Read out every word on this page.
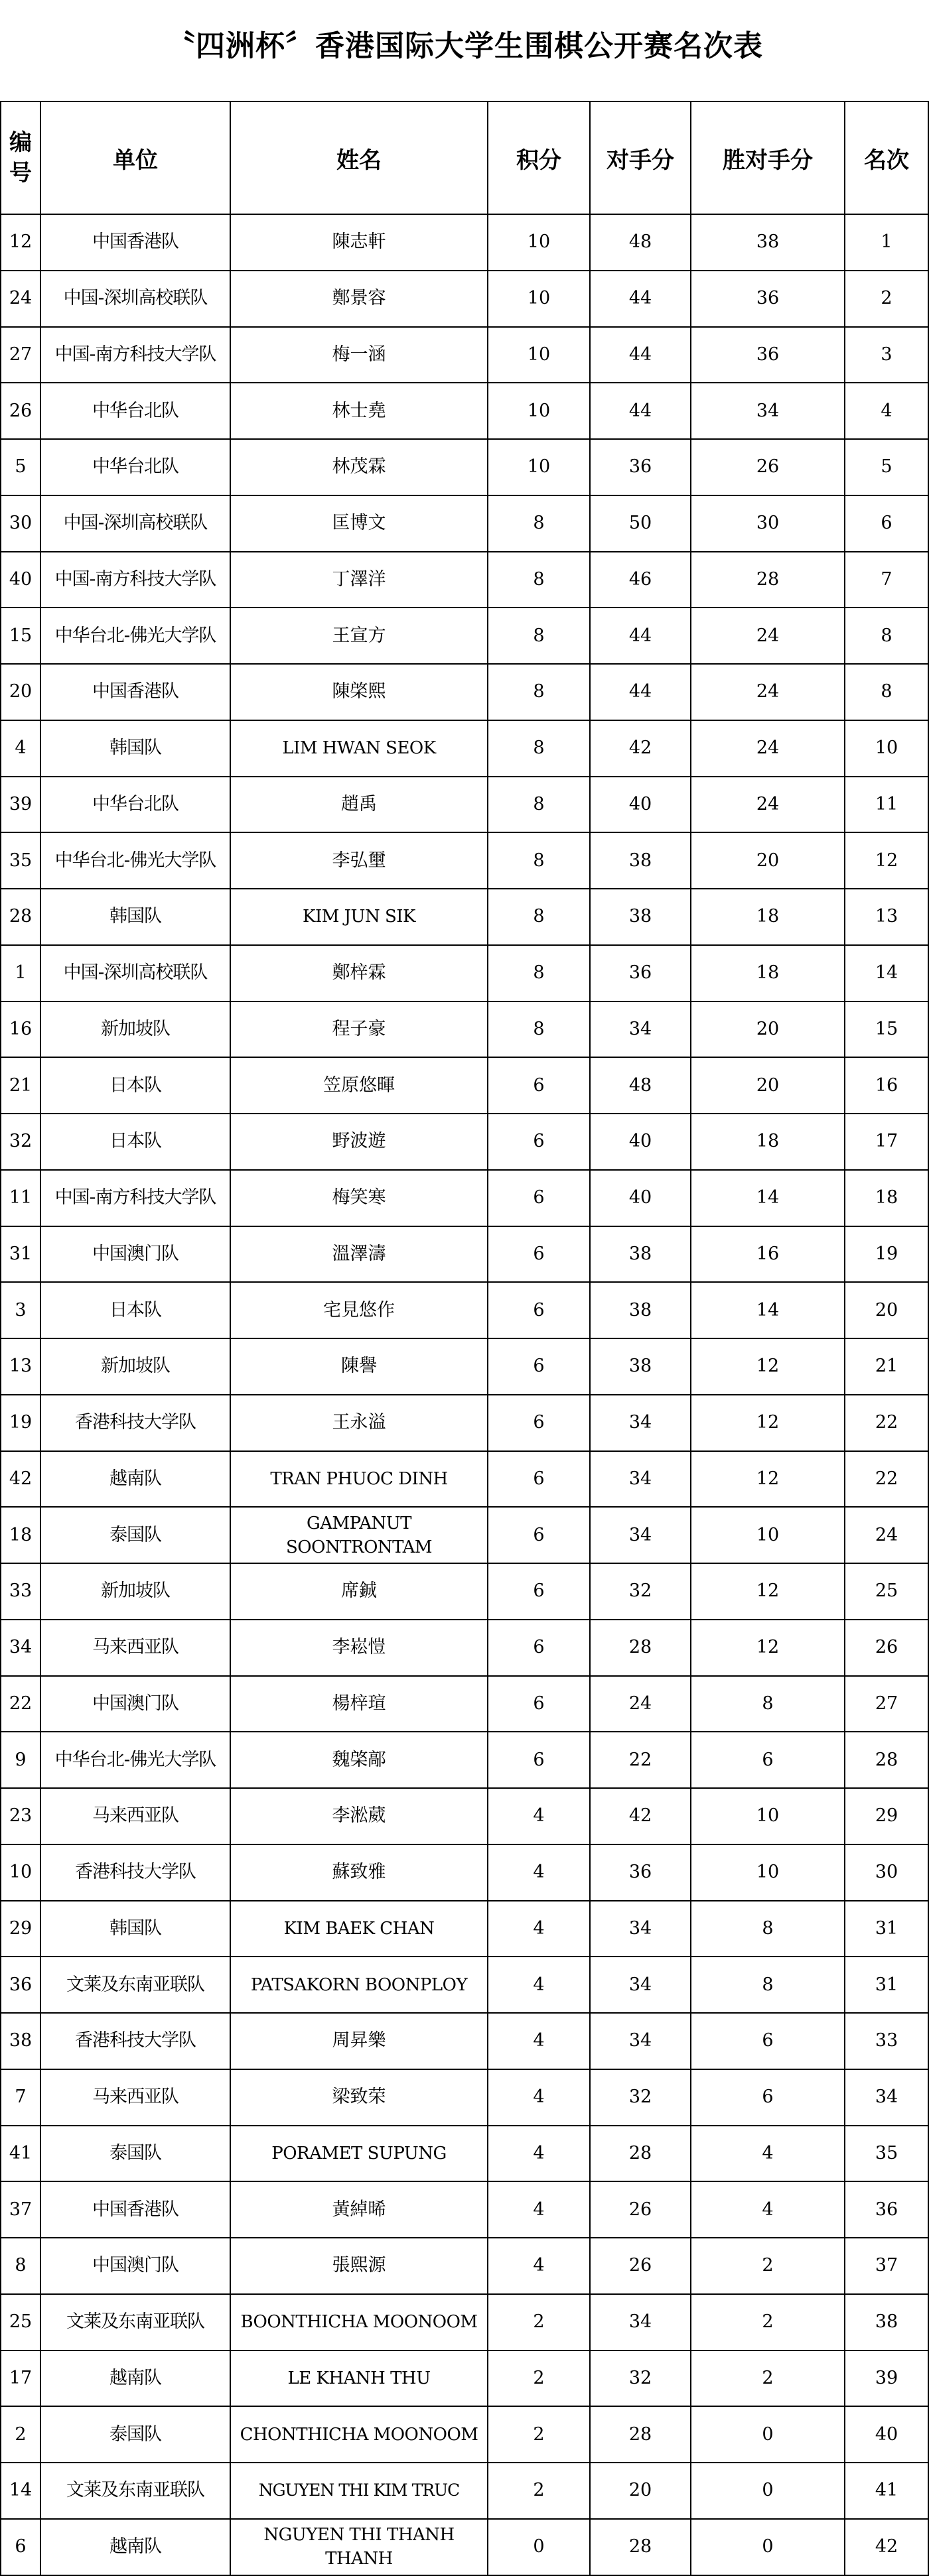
〝四洲杯〞香港国际大学生围棋公开赛名次表
编号	单位	姓名	积分	对手分	胜对手分	名次
12	中国香港队	陳志軒	10	48	38	1
24	中国-深圳高校联队	鄭景容	10	44	36	2
27	中国-南方科技大学队	梅一涵	10	44	36	3
26	中华台北队	林士堯	10	44	34	4
5	中华台北队	林茂霖	10	36	26	5
30	中国-深圳高校联队	匡博文	8	50	30	6
40	中国-南方科技大学队	丁澤洋	8	46	28	7
15	中华台北-佛光大学队	王宣方	8	44	24	8
20	中国香港队	陳棨熙	8	44	24	8
4	韩国队	LIM HWAN SEOK	8	42	24	10
39	中华台北队	趙禹	8	40	24	11
35	中华台北-佛光大学队	李弘壐	8	38	20	12
28	韩国队	KIM JUN SIK	8	38	18	13
1	中国-深圳高校联队	鄭梓霖	8	36	18	14
16	新加坡队	程子豪	8	34	20	15
21	日本队	笠原悠暉	6	48	20	16
32	日本队	野波遊	6	40	18	17
11	中国-南方科技大学队	梅笑寒	6	40	14	18
31	中国澳门队	溫澤濤	6	38	16	19
3	日本队	宅見悠作	6	38	14	20
13	新加坡队	陳譽	6	38	12	21
19	香港科技大学队	王永溢	6	34	12	22
42	越南队	TRAN PHUOC DINH	6	34	12	22
18	泰国队	GAMPANUT SOONTRONTAM	6	34	10	24
33	新加坡队	席鋮	6	32	12	25
34	马来西亚队	李崧愷	6	28	12	26
22	中国澳门队	楊梓瑄	6	24	8	27
9	中华台北-佛光大学队	魏棨鄗	6	22	6	28
23	马来西亚队	李淞葳	4	42	10	29
10	香港科技大学队	蘇致雅	4	36	10	30
29	韩国队	KIM BAEK CHAN	4	34	8	31
36	文莱及东南亚联队	PATSAKORN BOONPLOY	4	34	8	31
38	香港科技大学队	周昇樂	4	34	6	33
7	马来西亚队	梁致荣	4	32	6	34
41	泰国队	PORAMET SUPUNG	4	28	4	35
37	中国香港队	黃綽晞	4	26	4	36
8	中国澳门队	張熙源	4	26	2	37
25	文莱及东南亚联队	BOONTHICHA MOONOOM	2	34	2	38
17	越南队	LE KHANH THU	2	32	2	39
2	泰国队	CHONTHICHA MOONOOM	2	28	0	40
14	文莱及东南亚联队	NGUYEN THI KIM TRUC	2	20	0	41
6	越南队	NGUYEN THI THANH THANH	0	28	0	42
